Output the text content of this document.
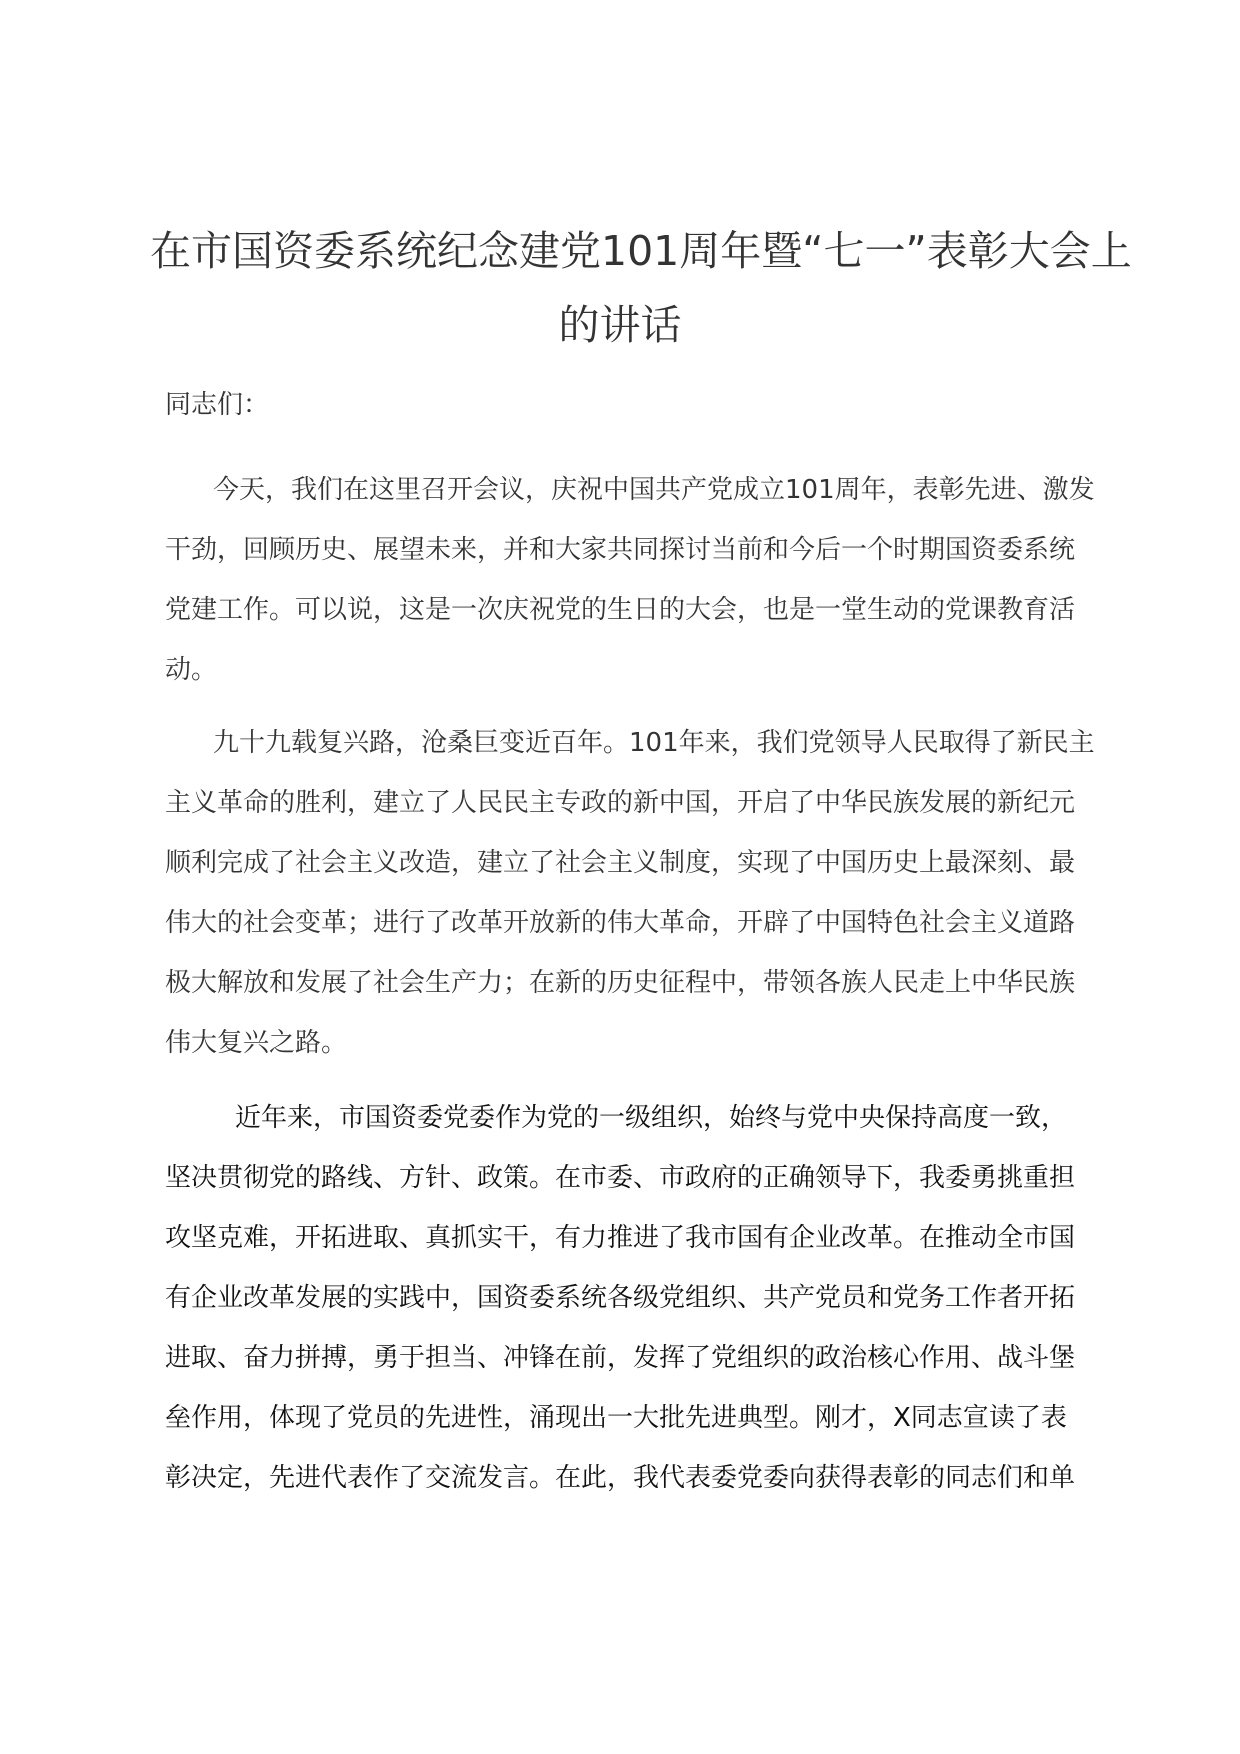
在市国资委系统纪念建党101周年暨“七一”表彰大会上
的讲话
同志们：
今天，我们在这里召开会议，庆祝中国共产党成立101周年，表彰先进、激发
干劲，回顾历史、展望未来，并和大家共同探讨当前和今后一个时期国资委系统
党建工作。可以说，这是一次庆祝党的生日的大会，也是一堂生动的党课教育活
动。
九十九载复兴路，沧桑巨变近百年。101年来，我们党领导人民取得了新民主
主义革命的胜利，建立了人民民主专政的新中国，开启了中华民族发展的新纪元
顺利完成了社会主义改造，建立了社会主义制度，实现了中国历史上最深刻、最
伟大的社会变革；进行了改革开放新的伟大革命，开辟了中国特色社会主义道路
极大解放和发展了社会生产力；在新的历史征程中，带领各族人民走上中华民族
伟大复兴之路。
近年来，市国资委党委作为党的一级组织，始终与党中央保持高度一致，
坚决贯彻党的路线、方针、政策。在市委、市政府的正确领导下，我委勇挑重担
攻坚克难，开拓进取、真抓实干，有力推进了我市国有企业改革。在推动全市国
有企业改革发展的实践中，国资委系统各级党组织、共产党员和党务工作者开拓
进取、奋力拼搏，勇于担当、冲锋在前，发挥了党组织的政治核心作用、战斗堡
垒作用，体现了党员的先进性，涌现出一大批先进典型。刚才，X同志宣读了表
彰决定，先进代表作了交流发言。在此，我代表委党委向获得表彰的同志们和单
